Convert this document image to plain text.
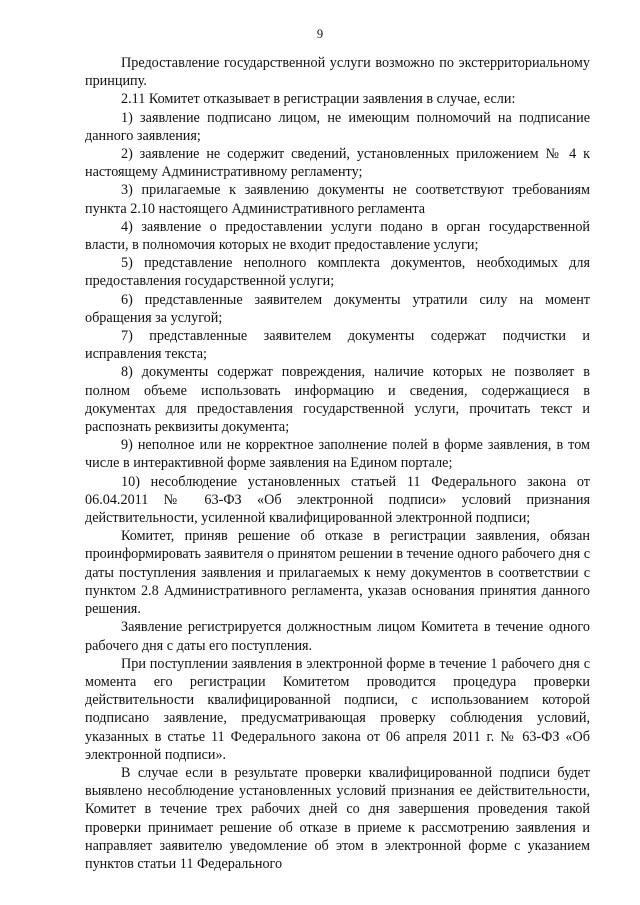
9

Предоставление государственной услуги возможно по экстерриториальному принципу.

2.11 Комитет отказывает в регистрации заявления в случае, если:

1) заявление подписано лицом, не имеющим полномочий на подписание данного заявления;

2) заявление не содержит сведений, установленных приложением № 4 к настоящему Административному регламенту;

3) прилагаемые к заявлению документы не соответствуют требованиям пункта 2.10 настоящего Административного регламента

4) заявление о предоставлении услуги подано в орган государственной власти, в полномочия которых не входит предоставление услуги;

5) представление неполного комплекта документов, необходимых для предоставления государственной услуги;

6) представленные заявителем документы утратили силу на момент обращения за услугой;

7) представленные заявителем документы содержат подчистки и исправления текста;

8) документы содержат повреждения, наличие которых не позволяет в полном объеме использовать информацию и сведения, содержащиеся в документах для предоставления государственной услуги, прочитать текст и распознать реквизиты документа;

9) неполное или не корректное заполнение полей в форме заявления, в том числе в интерактивной форме заявления на Едином портале;

10) несоблюдение установленных статьей 11 Федерального закона от 06.04.2011 № 63-ФЗ «Об электронной подписи» условий признания действительности, усиленной квалифицированной электронной подписи;

Комитет, приняв решение об отказе в регистрации заявления, обязан проинформировать заявителя о принятом решении в течение одного рабочего дня с даты поступления заявления и прилагаемых к нему документов в соответствии с пунктом 2.8 Административного регламента, указав основания принятия данного решения.

Заявление регистрируется должностным лицом Комитета в течение одного рабочего дня с даты его поступления.

При поступлении заявления в электронной форме в течение 1 рабочего дня с момента его регистрации Комитетом проводится процедура проверки действительности квалифицированной подписи, с использованием которой подписано заявление, предусматривающая проверку соблюдения условий, указанных в статье 11 Федерального закона от 06 апреля 2011 г. № 63-ФЗ «Об электронной подписи».

В случае если в результате проверки квалифицированной подписи будет выявлено несоблюдение установленных условий признания ее действительности, Комитет в течение трех рабочих дней со дня завершения проведения такой проверки принимает решение об отказе в приеме к рассмотрению заявления и направляет заявителю уведомление об этом в электронной форме с указанием пунктов статьи 11 Федерального
